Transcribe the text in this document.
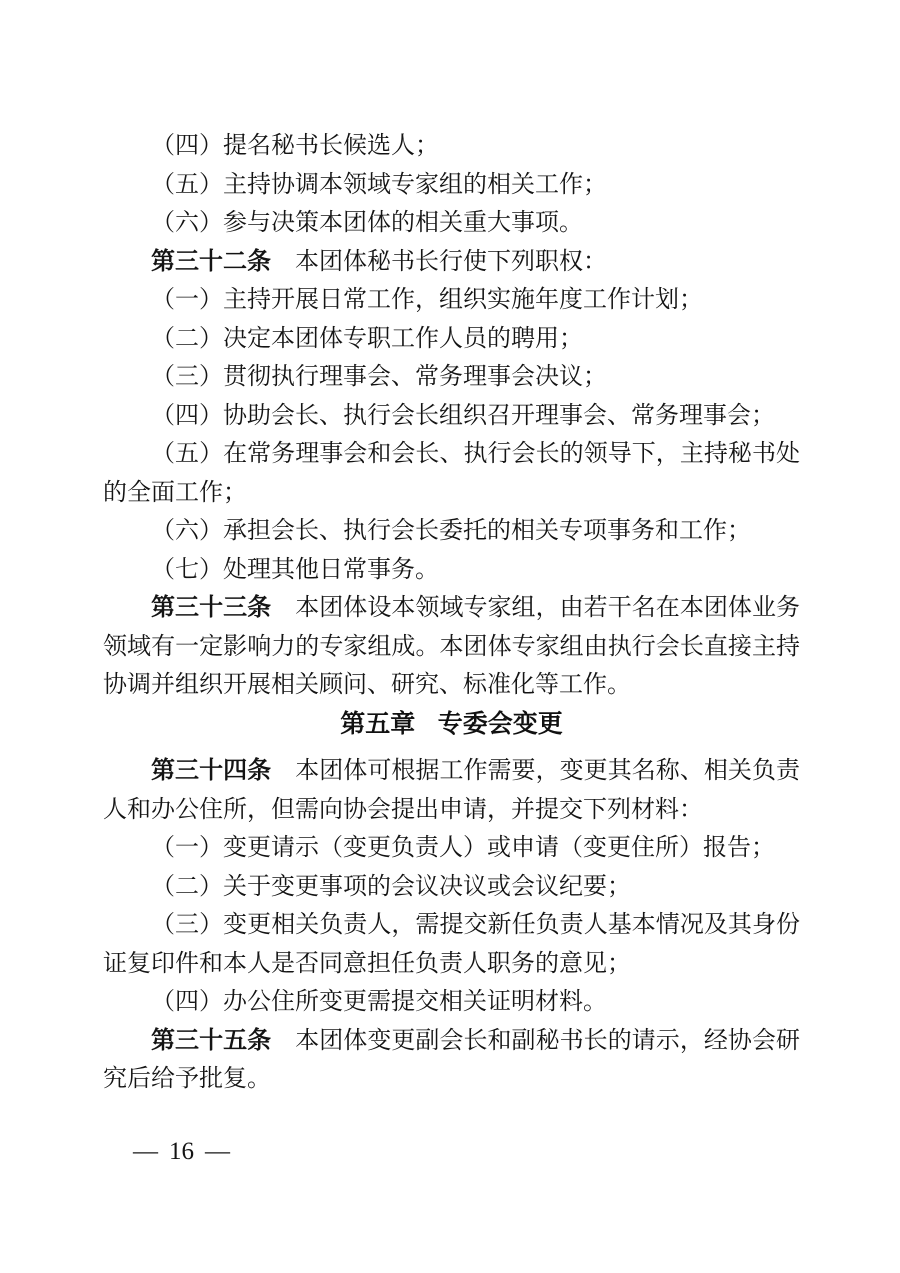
（四）提名秘书长候选人；

（五）主持协调本领域专家组的相关工作；

（六）参与决策本团体的相关重大事项。

第三十二条 本团体秘书长行使下列职权：

（一）主持开展日常工作，组织实施年度工作计划；

（二）决定本团体专职工作人员的聘用；

（三）贯彻执行理事会、常务理事会决议；

（四）协助会长、执行会长组织召开理事会、常务理事会；

（五）在常务理事会和会长、执行会长的领导下，主持秘书处的全面工作；

（六）承担会长、执行会长委托的相关专项事务和工作；

（七）处理其他日常事务。

第三十三条 本团体设本领域专家组，由若干名在本团体业务领域有一定影响力的专家组成。本团体专家组由执行会长直接主持协调并组织开展相关顾问、研究、标准化等工作。

第五章 专委会变更

第三十四条 本团体可根据工作需要，变更其名称、相关负责人和办公住所，但需向协会提出申请，并提交下列材料：

（一）变更请示（变更负责人）或申请（变更住所）报告；

（二）关于变更事项的会议决议或会议纪要；

（三）变更相关负责人，需提交新任负责人基本情况及其身份证复印件和本人是否同意担任负责人职务的意见；

（四）办公住所变更需提交相关证明材料。

第三十五条 本团体变更副会长和副秘书长的请示，经协会研究后给予批复。

— 16 —
